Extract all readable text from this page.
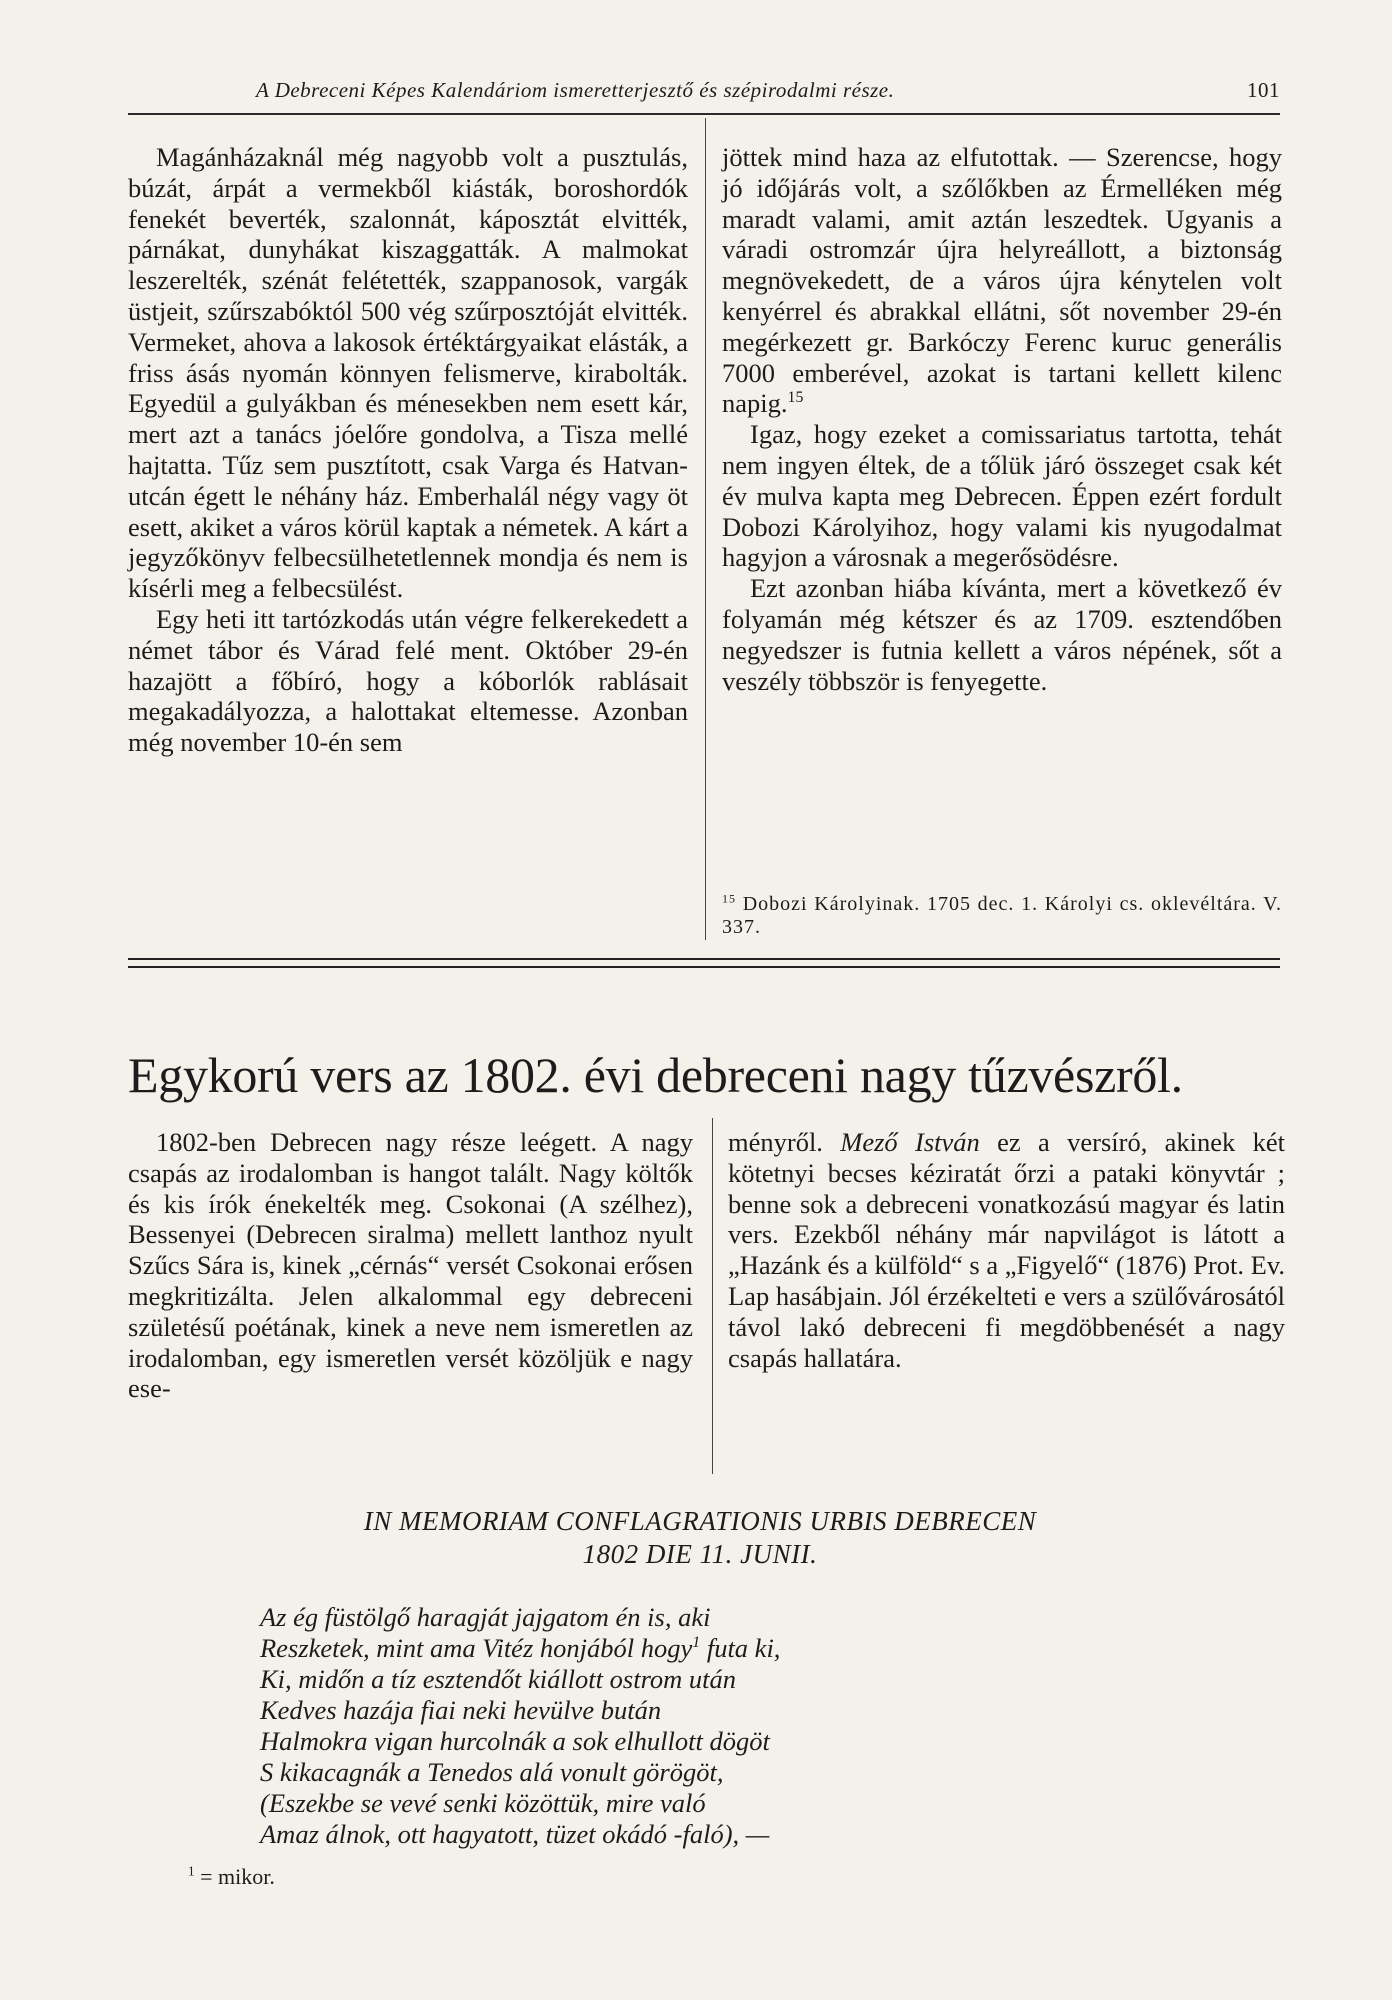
A Debreceni Képes Kalendáriom ismeretterjesztő és szépirodalmi része.	101

Magánházaknál még nagyobb volt a pusztulás, búzát, árpát a vermekből kiásták, boroshordók fenekét beverték, szalonnát, káposztát elvitték, párnákat, dunyhákat kiszaggatták. A malmokat leszerelték, szénát felétették, szappanosok, vargák üstjeit, szűrszabóktól 500 vég szűrposztóját elvitték. Vermeket, ahova a lakosok értéktárgyaikat elásták, a friss ásás nyomán könnyen felismerve, kirabolták. Egyedül a gulyákban és ménesekben nem esett kár, mert azt a tanács jóelőre gondolva, a Tisza mellé hajtatta. Tűz sem pusztított, csak Varga és Hatvan-utcán égett le néhány ház. Emberhalál négy vagy öt esett, akiket a város körül kaptak a németek. A kárt a jegyzőkönyv felbecsülhetetlennek mondja és nem is kísérli meg a felbecsülést.

Egy heti itt tartózkodás után végre felkerekedett a német tábor és Várad felé ment. Október 29-én hazajött a főbíró, hogy a kóborlók rablásait megakadályozza, a halottakat eltemesse. Azonban még november 10-én sem

jöttek mind haza az elfutottak. — Szerencse, hogy jó időjárás volt, a szőlőkben az Érmelléken még maradt valami, amit aztán leszedtek. Ugyanis a váradi ostromzár újra helyreállott, a biztonság megnövekedett, de a város újra kénytelen volt kenyérrel és abrakkal ellátni, sőt november 29-én megérkezett gr. Barkóczy Ferenc kuruc generális 7000 emberével, azokat is tartani kellett kilenc napig.$^{15}$

Igaz, hogy ezeket a comissariatus tartotta, tehát nem ingyen éltek, de a tőlük járó összeget csak két év mulva kapta meg Debrecen. Éppen ezért fordult Dobozi Károlyihoz, hogy valami kis nyugodalmat hagyjon a városnak a megerősödésre.

Ezt azonban hiába kívánta, mert a következő év folyamán még kétszer és az 1709. esztendőben negyedszer is futnia kellett a város népének, sőt a veszély többször is fenyegette.

$^{15}$ Dobozi Károlyinak. 1705 dec. 1. Károlyi cs. oklevéltára. V. 337.
Egykorú vers az 1802. évi debreceni nagy tűzvészről.

1802-ben Debrecen nagy része leégett. A nagy csapás az irodalomban is hangot talált. Nagy költők és kis írók énekelték meg. Csokonai (A szélhez), Bessenyei (Debrecen siralma) mellett lanthoz nyult Szűcs Sára is, kinek „cérnás“ versét Csokonai erősen megkritizálta. Jelen alkalommal egy debreceni születésű poétának, kinek a neve nem ismeretlen az irodalomban, egy ismeretlen versét közöljük e nagy ese-

ményről. Mező István ez a versíró, akinek két kötetnyi becses kéziratát őrzi a pataki könyvtár ; benne sok a debreceni vonatkozású magyar és latin vers. Ezekből néhány már napvilágot is látott a „Hazánk és a külföld“ s a „Figyelő“ (1876) Prot. Ev. Lap hasábjain. Jól érzékelteti e vers a szülővárosától távol lakó debreceni fi megdöbbenését a nagy csapás hallatára.

IN MEMORIAM CONFLAGRATIONIS URBIS DEBRECEN
1802 DIE 11. JUNII.
Az ég füstölgő haragját jajgatom én is, aki
Reszketek, mint ama Vitéz honjából hogy$^1$ futa ki,
Ki, midőn a tíz esztendőt kiállott ostrom után
Kedves hazája fiai neki hevülve bután
Halmokra vigan hurcolnák a sok elhullott dögöt
S kikacagnák a Tenedos alá vonult görögöt,
(Eszekbe se vevé senki közöttük, mire való
Amaz álnok, ott hagyatott, tüzet okádó ‑faló), —
$^1$ = mikor.
